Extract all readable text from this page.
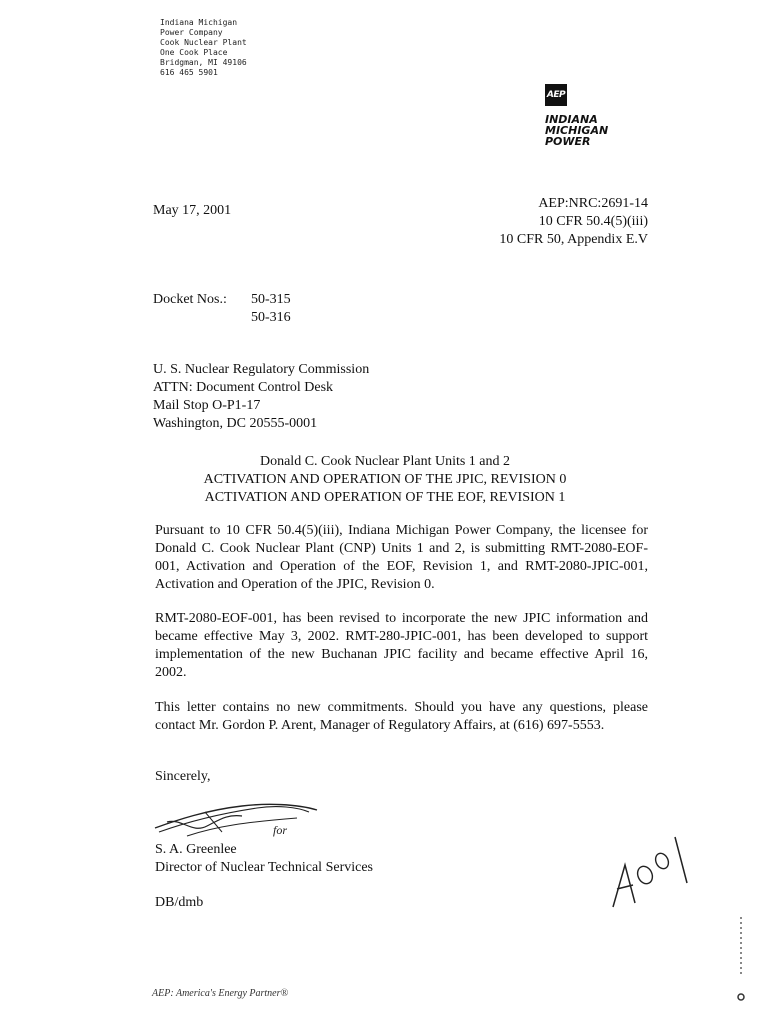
Indiana Michigan
Power Company
Cook Nuclear Plant
One Cook Place
Bridgman, MI 49106
616 465 5901
AEP
INDIANA
MICHIGAN
POWER
May 17, 2001	AEP:NRC:2691-14
10 CFR 50.4(5)(iii)
10 CFR 50, Appendix E.V
Docket Nos.: 50-315
50-316
U. S. Nuclear Regulatory Commission
ATTN: Document Control Desk
Mail Stop O-P1-17
Washington, DC 20555-0001
Donald C. Cook Nuclear Plant Units 1 and 2
ACTIVATION AND OPERATION OF THE JPIC, REVISION 0
ACTIVATION AND OPERATION OF THE EOF, REVISION 1
Pursuant to 10 CFR 50.4(5)(iii), Indiana Michigan Power Company, the licensee for Donald C. Cook Nuclear Plant (CNP) Units 1 and 2, is submitting RMT-2080-EOF-001, Activation and Operation of the EOF, Revision 1, and RMT-2080-JPIC-001, Activation and Operation of the JPIC, Revision 0.
RMT-2080-EOF-001, has been revised to incorporate the new JPIC information and became effective May 3, 2002. RMT-280-JPIC-001, has been developed to support implementation of the new Buchanan JPIC facility and became effective April 16, 2002.
This letter contains no new commitments. Should you have any questions, please contact Mr. Gordon P. Arent, Manager of Regulatory Affairs, at (616) 697-5553.
Sincerely,
for
S. A. Greenlee
Director of Nuclear Technical Services
DB/dmb
AEP: America's Energy Partner®
